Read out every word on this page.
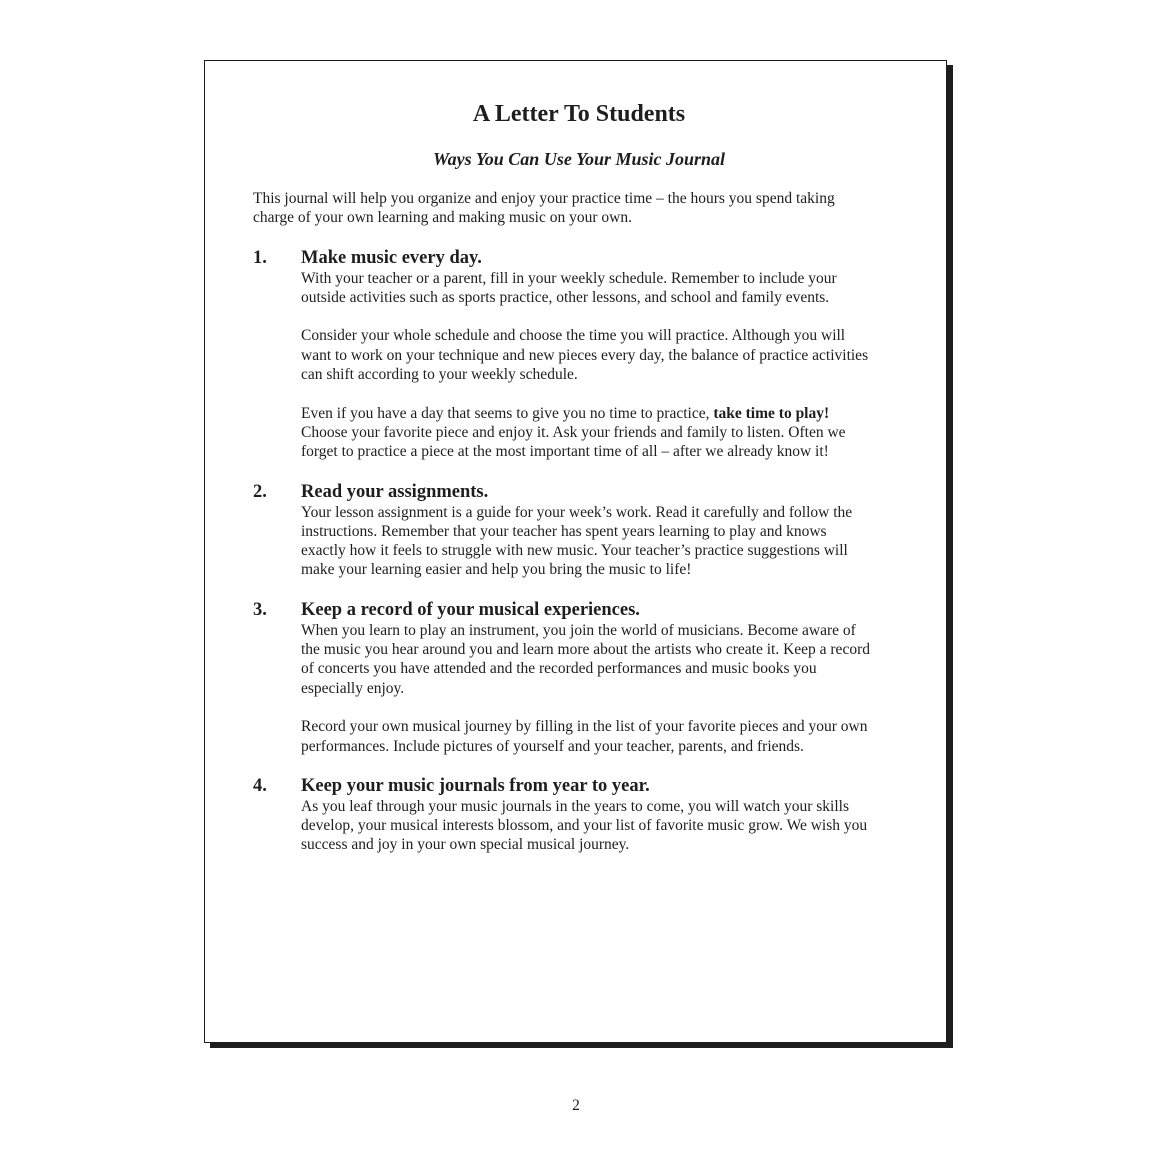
A Letter To Students
Ways You Can Use Your Music Journal

This journal will help you organize and enjoy your practice time – the hours you spend taking
charge of your own learning and making music on your own.

1.	Make music every day.

With your teacher or a parent, fill in your weekly schedule. Remember to include your
outside activities such as sports practice, other lessons, and school and family events.

Consider your whole schedule and choose the time you will practice. Although you will
want to work on your technique and new pieces every day, the balance of practice activities
can shift according to your weekly schedule.

Even if you have a day that seems to give you no time to practice, take time to play!
Choose your favorite piece and enjoy it. Ask your friends and family to listen. Often we
forget to practice a piece at the most important time of all – after we already know it!

2.	Read your assignments.

Your lesson assignment is a guide for your week’s work. Read it carefully and follow the
instructions. Remember that your teacher has spent years learning to play and knows
exactly how it feels to struggle with new music. Your teacher’s practice suggestions will
make your learning easier and help you bring the music to life!

3.	Keep a record of your musical experiences.

When you learn to play an instrument, you join the world of musicians. Become aware of
the music you hear around you and learn more about the artists who create it. Keep a record
of concerts you have attended and the recorded performances and music books you
especially enjoy.

Record your own musical journey by filling in the list of your favorite pieces and your own
performances. Include pictures of yourself and your teacher, parents, and friends.

4.	Keep your music journals from year to year.

As you leaf through your music journals in the years to come, you will watch your skills
develop, your musical interests blossom, and your list of favorite music grow. We wish you
success and joy in your own special musical journey.

2
